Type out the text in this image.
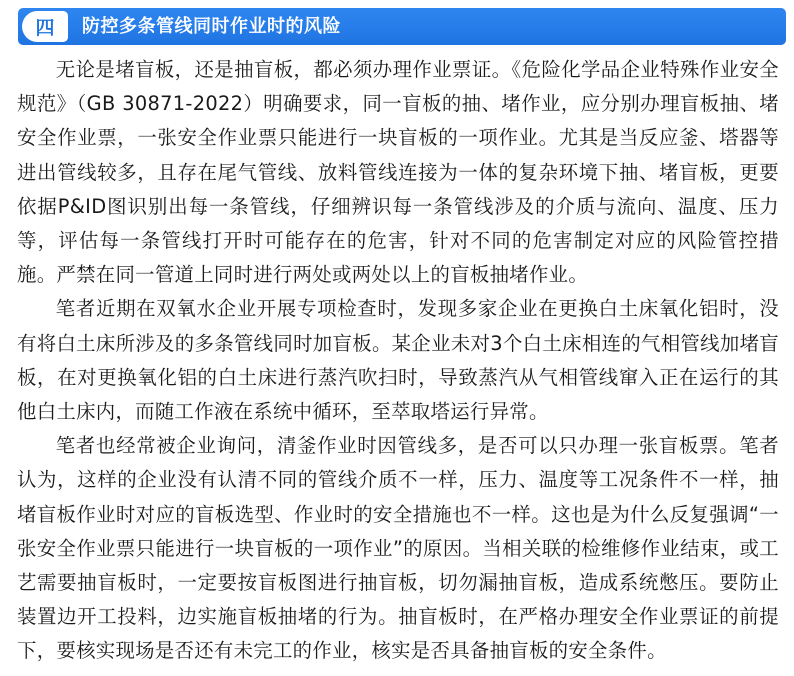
四	防控多条管线同时作业时的风险

无论是堵盲板，还是抽盲板，都必须办理作业票证。《危险化学品企业特殊作业安全规范》（GB 30871-2022）明确要求，同一盲板的抽、堵作业，应分别办理盲板抽、堵安全作业票，一张安全作业票只能进行一块盲板的一项作业。尤其是当反应釜、塔器等进出管线较多，且存在尾气管线、放料管线连接为一体的复杂环境下抽、堵盲板，更要依据P&ID图识别出每一条管线，仔细辨识每一条管线涉及的介质与流向、温度、压力等，评估每一条管线打开时可能存在的危害，针对不同的危害制定对应的风险管控措施。严禁在同一管道上同时进行两处或两处以上的盲板抽堵作业。

笔者近期在双氧水企业开展专项检查时，发现多家企业在更换白土床氧化铝时，没有将白土床所涉及的多条管线同时加盲板。某企业未对3个白土床相连的气相管线加堵盲板，在对更换氧化铝的白土床进行蒸汽吹扫时，导致蒸汽从气相管线窜入正在运行的其他白土床内，而随工作液在系统中循环，至萃取塔运行异常。

笔者也经常被企业询问，清釜作业时因管线多，是否可以只办理一张盲板票。笔者认为，这样的企业没有认清不同的管线介质不一样，压力、温度等工况条件不一样，抽堵盲板作业时对应的盲板选型、作业时的安全措施也不一样。这也是为什么反复强调“一张安全作业票只能进行一块盲板的一项作业”的原因。当相关联的检维修作业结束，或工艺需要抽盲板时，一定要按盲板图进行抽盲板，切勿漏抽盲板，造成系统憋压。要防止装置边开工投料，边实施盲板抽堵的行为。抽盲板时，在严格办理安全作业票证的前提下，要核实现场是否还有未完工的作业，核实是否具备抽盲板的安全条件。
